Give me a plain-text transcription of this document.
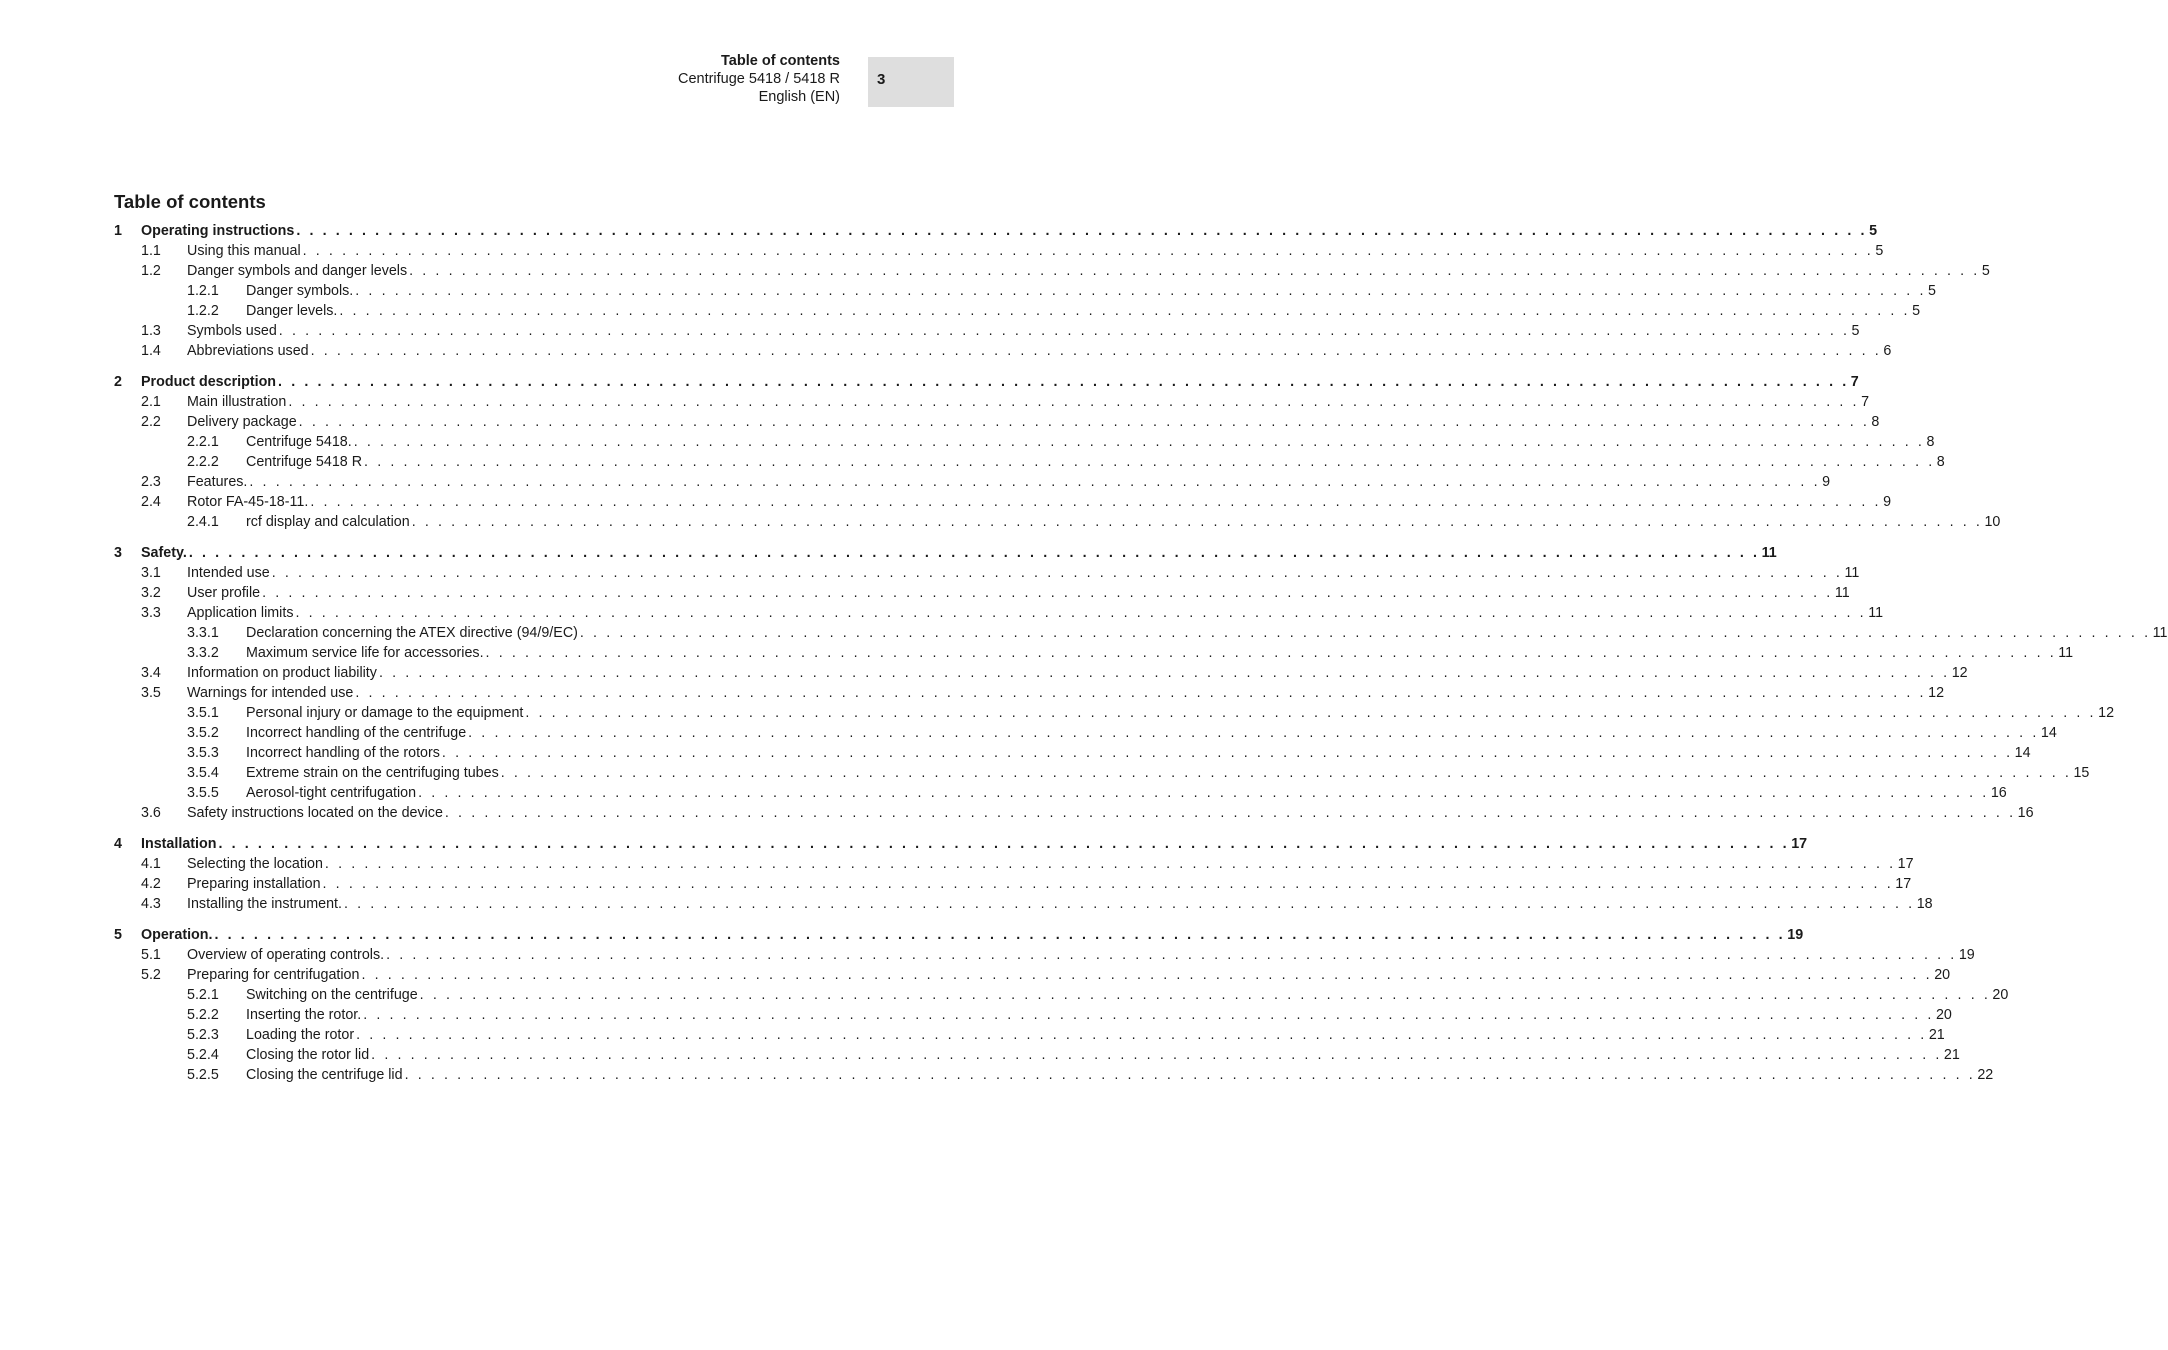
Table of contents
Centrifuge 5418 / 5418 R
English (EN)
3
Table of contents
1	Operating instructions . . . . . . . . . . . . . . . . . . . . . . . . . . . . . . . . . . . . . . . . . . . . . . . . . . . . . . . . . . . . . . . . . . . . . . . . . . . . . . . . . . . . . . . . . . . . . . . . . . . . . . . . . . . . . . . . . . . . . . . . 5
1.1	Using this manual . . . . . . . . . . . . . . . . . . . . . . . . . . . . . . . . . . . . . . . . . . . . . . . . . . . . . . . . . . . . . . . . . . . . . . . . . . . . . . . . . . . . . . . . . . . . . . . . . . . . . . . . . . . . . . . . . . . . . . . . 5
1.2	Danger symbols and danger levels . . . . . . . . . . . . . . . . . . . . . . . . . . . . . . . . . . . . . . . . . . . . . . . . . . . . . . . . . . . . . . . . . . . . . . . . . . . . . . . . . . . . . . . . . . . . . . . . . . . . . . . . . . . . . . . . . . . . . . . . 5
1.2.1	Danger symbols. . . . . . . . . . . . . . . . . . . . . . . . . . . . . . . . . . . . . . . . . . . . . . . . . . . . . . . . . . . . . . . . . . . . . . . . . . . . . . . . . . . . . . . . . . . . . . . . . . . . . . . . . . . . . . . . . . . . . . . . . 5
1.2.2	Danger levels. . . . . . . . . . . . . . . . . . . . . . . . . . . . . . . . . . . . . . . . . . . . . . . . . . . . . . . . . . . . . . . . . . . . . . . . . . . . . . . . . . . . . . . . . . . . . . . . . . . . . . . . . . . . . . . . . . . . . . . . . 5
1.3	Symbols used . . . . . . . . . . . . . . . . . . . . . . . . . . . . . . . . . . . . . . . . . . . . . . . . . . . . . . . . . . . . . . . . . . . . . . . . . . . . . . . . . . . . . . . . . . . . . . . . . . . . . . . . . . . . . . . . . . . . . . . . 5
1.4	Abbreviations used . . . . . . . . . . . . . . . . . . . . . . . . . . . . . . . . . . . . . . . . . . . . . . . . . . . . . . . . . . . . . . . . . . . . . . . . . . . . . . . . . . . . . . . . . . . . . . . . . . . . . . . . . . . . . . . . . . . . . . . . 6
2	Product description . . . . . . . . . . . . . . . . . . . . . . . . . . . . . . . . . . . . . . . . . . . . . . . . . . . . . . . . . . . . . . . . . . . . . . . . . . . . . . . . . . . . . . . . . . . . . . . . . . . . . . . . . . . . . . . . . . . . . . . . 7
2.1	Main illustration . . . . . . . . . . . . . . . . . . . . . . . . . . . . . . . . . . . . . . . . . . . . . . . . . . . . . . . . . . . . . . . . . . . . . . . . . . . . . . . . . . . . . . . . . . . . . . . . . . . . . . . . . . . . . . . . . . . . . . . . 7
2.2	Delivery package . . . . . . . . . . . . . . . . . . . . . . . . . . . . . . . . . . . . . . . . . . . . . . . . . . . . . . . . . . . . . . . . . . . . . . . . . . . . . . . . . . . . . . . . . . . . . . . . . . . . . . . . . . . . . . . . . . . . . . . . 8
2.2.1	Centrifuge 5418. . . . . . . . . . . . . . . . . . . . . . . . . . . . . . . . . . . . . . . . . . . . . . . . . . . . . . . . . . . . . . . . . . . . . . . . . . . . . . . . . . . . . . . . . . . . . . . . . . . . . . . . . . . . . . . . . . . . . . . . . 8
2.2.2	Centrifuge 5418 R . . . . . . . . . . . . . . . . . . . . . . . . . . . . . . . . . . . . . . . . . . . . . . . . . . . . . . . . . . . . . . . . . . . . . . . . . . . . . . . . . . . . . . . . . . . . . . . . . . . . . . . . . . . . . . . . . . . . . . . . 8
2.3	Features. . . . . . . . . . . . . . . . . . . . . . . . . . . . . . . . . . . . . . . . . . . . . . . . . . . . . . . . . . . . . . . . . . . . . . . . . . . . . . . . . . . . . . . . . . . . . . . . . . . . . . . . . . . . . . . . . . . . . . . . . 9
2.4	Rotor FA-45-18-11. . . . . . . . . . . . . . . . . . . . . . . . . . . . . . . . . . . . . . . . . . . . . . . . . . . . . . . . . . . . . . . . . . . . . . . . . . . . . . . . . . . . . . . . . . . . . . . . . . . . . . . . . . . . . . . . . . . . . . . . . 9
2.4.1	rcf display and calculation . . . . . . . . . . . . . . . . . . . . . . . . . . . . . . . . . . . . . . . . . . . . . . . . . . . . . . . . . . . . . . . . . . . . . . . . . . . . . . . . . . . . . . . . . . . . . . . . . . . . . . . . . . . . . . . . . . . . . . . . 10
3	Safety. . . . . . . . . . . . . . . . . . . . . . . . . . . . . . . . . . . . . . . . . . . . . . . . . . . . . . . . . . . . . . . . . . . . . . . . . . . . . . . . . . . . . . . . . . . . . . . . . . . . . . . . . . . . . . . . . . . . . . . . . 11
3.1	Intended use . . . . . . . . . . . . . . . . . . . . . . . . . . . . . . . . . . . . . . . . . . . . . . . . . . . . . . . . . . . . . . . . . . . . . . . . . . . . . . . . . . . . . . . . . . . . . . . . . . . . . . . . . . . . . . . . . . . . . . . . 11
3.2	User profile . . . . . . . . . . . . . . . . . . . . . . . . . . . . . . . . . . . . . . . . . . . . . . . . . . . . . . . . . . . . . . . . . . . . . . . . . . . . . . . . . . . . . . . . . . . . . . . . . . . . . . . . . . . . . . . . . . . . . . . . 11
3.3	Application limits . . . . . . . . . . . . . . . . . . . . . . . . . . . . . . . . . . . . . . . . . . . . . . . . . . . . . . . . . . . . . . . . . . . . . . . . . . . . . . . . . . . . . . . . . . . . . . . . . . . . . . . . . . . . . . . . . . . . . . . . 11
3.3.1	Declaration concerning the ATEX directive (94/9/EC) . . . . . . . . . . . . . . . . . . . . . . . . . . . . . . . . . . . . . . . . . . . . . . . . . . . . . . . . . . . . . . . . . . . . . . . . . . . . . . . . . . . . . . . . . . . . . . . . . . . . . . . . . . . . . . . . . . . . . . . . 11
3.3.2	Maximum service life for accessories. . . . . . . . . . . . . . . . . . . . . . . . . . . . . . . . . . . . . . . . . . . . . . . . . . . . . . . . . . . . . . . . . . . . . . . . . . . . . . . . . . . . . . . . . . . . . . . . . . . . . . . . . . . . . . . . . . . . . . . . . 11
3.4	Information on product liability . . . . . . . . . . . . . . . . . . . . . . . . . . . . . . . . . . . . . . . . . . . . . . . . . . . . . . . . . . . . . . . . . . . . . . . . . . . . . . . . . . . . . . . . . . . . . . . . . . . . . . . . . . . . . . . . . . . . . . . . 12
3.5	Warnings for intended use . . . . . . . . . . . . . . . . . . . . . . . . . . . . . . . . . . . . . . . . . . . . . . . . . . . . . . . . . . . . . . . . . . . . . . . . . . . . . . . . . . . . . . . . . . . . . . . . . . . . . . . . . . . . . . . . . . . . . . . . 12
3.5.1	Personal injury or damage to the equipment . . . . . . . . . . . . . . . . . . . . . . . . . . . . . . . . . . . . . . . . . . . . . . . . . . . . . . . . . . . . . . . . . . . . . . . . . . . . . . . . . . . . . . . . . . . . . . . . . . . . . . . . . . . . . . . . . . . . . . . . 12
3.5.2	Incorrect handling of the centrifuge . . . . . . . . . . . . . . . . . . . . . . . . . . . . . . . . . . . . . . . . . . . . . . . . . . . . . . . . . . . . . . . . . . . . . . . . . . . . . . . . . . . . . . . . . . . . . . . . . . . . . . . . . . . . . . . . . . . . . . . . 14
3.5.3	Incorrect handling of the rotors . . . . . . . . . . . . . . . . . . . . . . . . . . . . . . . . . . . . . . . . . . . . . . . . . . . . . . . . . . . . . . . . . . . . . . . . . . . . . . . . . . . . . . . . . . . . . . . . . . . . . . . . . . . . . . . . . . . . . . . . 14
3.5.4	Extreme strain on the centrifuging tubes . . . . . . . . . . . . . . . . . . . . . . . . . . . . . . . . . . . . . . . . . . . . . . . . . . . . . . . . . . . . . . . . . . . . . . . . . . . . . . . . . . . . . . . . . . . . . . . . . . . . . . . . . . . . . . . . . . . . . . . . 15
3.5.5	Aerosol-tight centrifugation . . . . . . . . . . . . . . . . . . . . . . . . . . . . . . . . . . . . . . . . . . . . . . . . . . . . . . . . . . . . . . . . . . . . . . . . . . . . . . . . . . . . . . . . . . . . . . . . . . . . . . . . . . . . . . . . . . . . . . . . 16
3.6	Safety instructions located on the device . . . . . . . . . . . . . . . . . . . . . . . . . . . . . . . . . . . . . . . . . . . . . . . . . . . . . . . . . . . . . . . . . . . . . . . . . . . . . . . . . . . . . . . . . . . . . . . . . . . . . . . . . . . . . . . . . . . . . . . . 16
4	Installation . . . . . . . . . . . . . . . . . . . . . . . . . . . . . . . . . . . . . . . . . . . . . . . . . . . . . . . . . . . . . . . . . . . . . . . . . . . . . . . . . . . . . . . . . . . . . . . . . . . . . . . . . . . . . . . . . . . . . . . . 17
4.1	Selecting the location . . . . . . . . . . . . . . . . . . . . . . . . . . . . . . . . . . . . . . . . . . . . . . . . . . . . . . . . . . . . . . . . . . . . . . . . . . . . . . . . . . . . . . . . . . . . . . . . . . . . . . . . . . . . . . . . . . . . . . . . 17
4.2	Preparing installation . . . . . . . . . . . . . . . . . . . . . . . . . . . . . . . . . . . . . . . . . . . . . . . . . . . . . . . . . . . . . . . . . . . . . . . . . . . . . . . . . . . . . . . . . . . . . . . . . . . . . . . . . . . . . . . . . . . . . . . . 17
4.3	Installing the instrument. . . . . . . . . . . . . . . . . . . . . . . . . . . . . . . . . . . . . . . . . . . . . . . . . . . . . . . . . . . . . . . . . . . . . . . . . . . . . . . . . . . . . . . . . . . . . . . . . . . . . . . . . . . . . . . . . . . . . . . . . 18
5	Operation. . . . . . . . . . . . . . . . . . . . . . . . . . . . . . . . . . . . . . . . . . . . . . . . . . . . . . . . . . . . . . . . . . . . . . . . . . . . . . . . . . . . . . . . . . . . . . . . . . . . . . . . . . . . . . . . . . . . . . . . . 19
5.1	Overview of operating controls. . . . . . . . . . . . . . . . . . . . . . . . . . . . . . . . . . . . . . . . . . . . . . . . . . . . . . . . . . . . . . . . . . . . . . . . . . . . . . . . . . . . . . . . . . . . . . . . . . . . . . . . . . . . . . . . . . . . . . . . . 19
5.2	Preparing for centrifugation . . . . . . . . . . . . . . . . . . . . . . . . . . . . . . . . . . . . . . . . . . . . . . . . . . . . . . . . . . . . . . . . . . . . . . . . . . . . . . . . . . . . . . . . . . . . . . . . . . . . . . . . . . . . . . . . . . . . . . . . 20
5.2.1	Switching on the centrifuge . . . . . . . . . . . . . . . . . . . . . . . . . . . . . . . . . . . . . . . . . . . . . . . . . . . . . . . . . . . . . . . . . . . . . . . . . . . . . . . . . . . . . . . . . . . . . . . . . . . . . . . . . . . . . . . . . . . . . . . . 20
5.2.2	Inserting the rotor. . . . . . . . . . . . . . . . . . . . . . . . . . . . . . . . . . . . . . . . . . . . . . . . . . . . . . . . . . . . . . . . . . . . . . . . . . . . . . . . . . . . . . . . . . . . . . . . . . . . . . . . . . . . . . . . . . . . . . . . . 20
5.2.3	Loading the rotor . . . . . . . . . . . . . . . . . . . . . . . . . . . . . . . . . . . . . . . . . . . . . . . . . . . . . . . . . . . . . . . . . . . . . . . . . . . . . . . . . . . . . . . . . . . . . . . . . . . . . . . . . . . . . . . . . . . . . . . . 21
5.2.4	Closing the rotor lid . . . . . . . . . . . . . . . . . . . . . . . . . . . . . . . . . . . . . . . . . . . . . . . . . . . . . . . . . . . . . . . . . . . . . . . . . . . . . . . . . . . . . . . . . . . . . . . . . . . . . . . . . . . . . . . . . . . . . . . . 21
5.2.5	Closing the centrifuge lid . . . . . . . . . . . . . . . . . . . . . . . . . . . . . . . . . . . . . . . . . . . . . . . . . . . . . . . . . . . . . . . . . . . . . . . . . . . . . . . . . . . . . . . . . . . . . . . . . . . . . . . . . . . . . . . . . . . . . . . . 22
